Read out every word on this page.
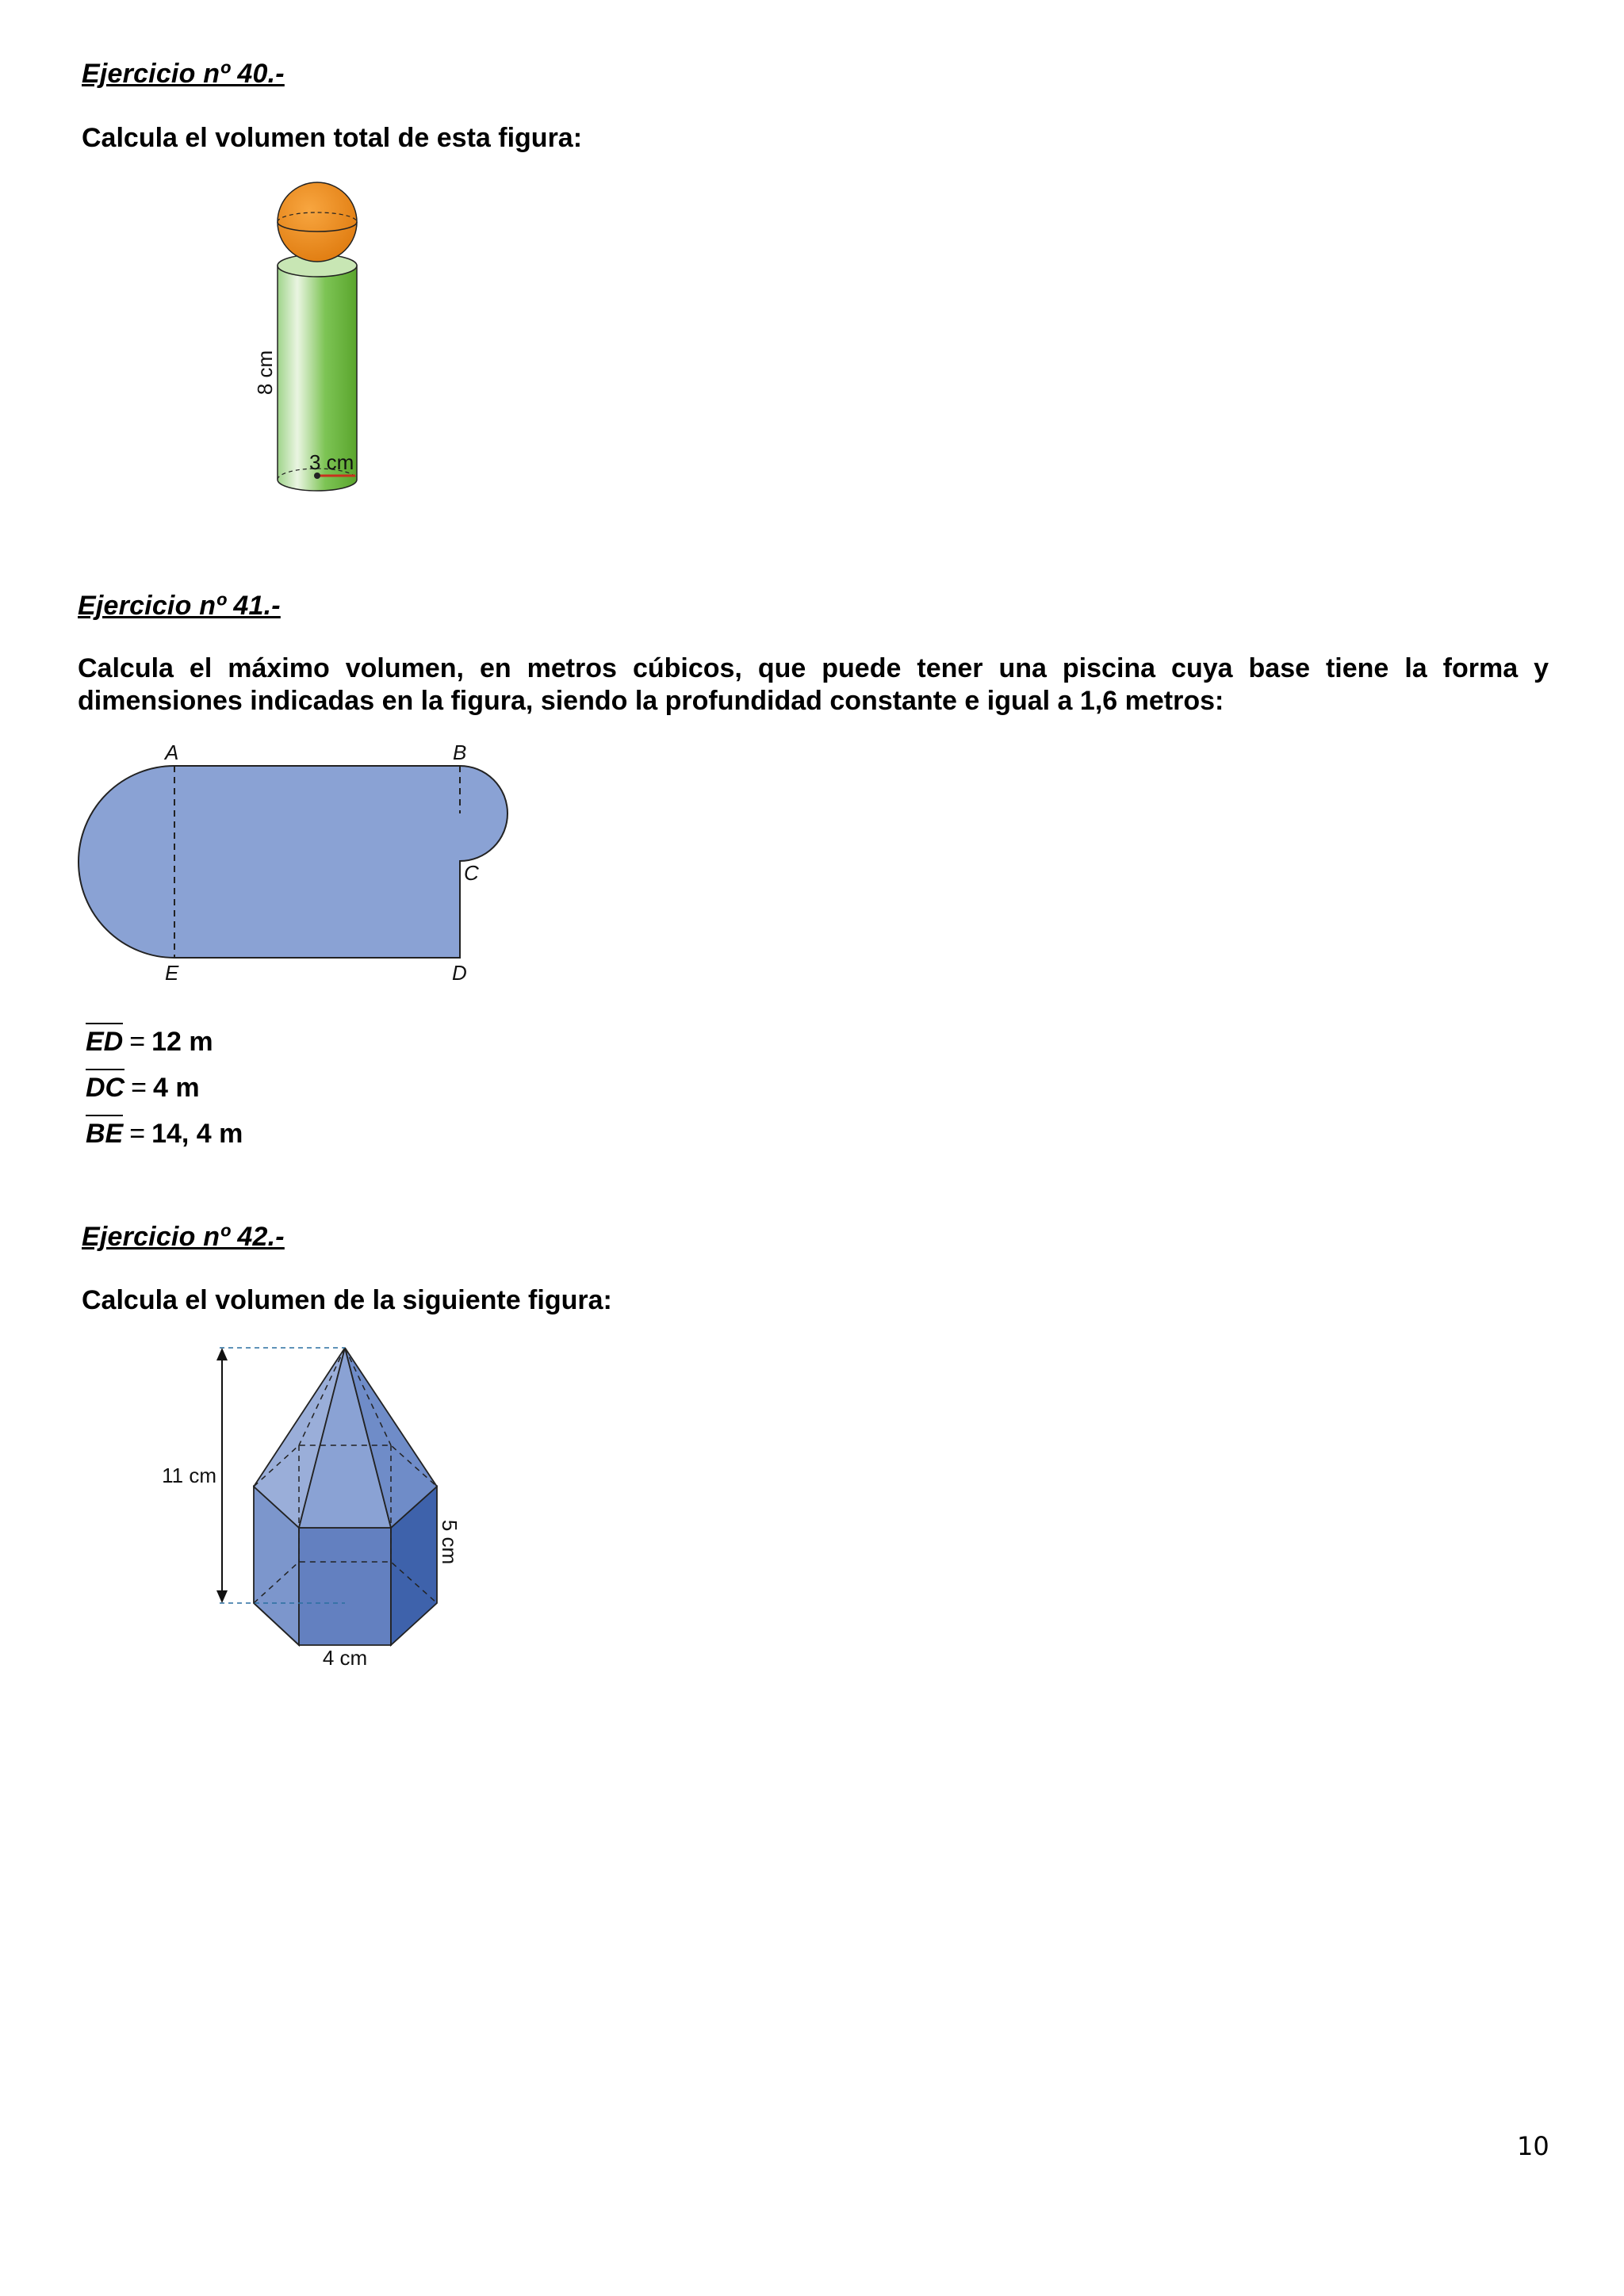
Ejercicio nº 40.-
Calcula el volumen total de esta figura:
3 cm
8 cm
Ejercicio nº 41.-
Calcula el máximo volumen, en metros cúbicos, que puede tener una piscina cuya base tiene la forma y
dimensiones indicadas en la figura, siendo la profundidad constante e igual a 1,6 metros:
A	B
C
D
E
ED = 12 m
DC = 4 m
BE = 14, 4 m
Ejercicio nº 42.-
Calcula el volumen de la siguiente figura:
11 cm
5 cm
4 cm
10
